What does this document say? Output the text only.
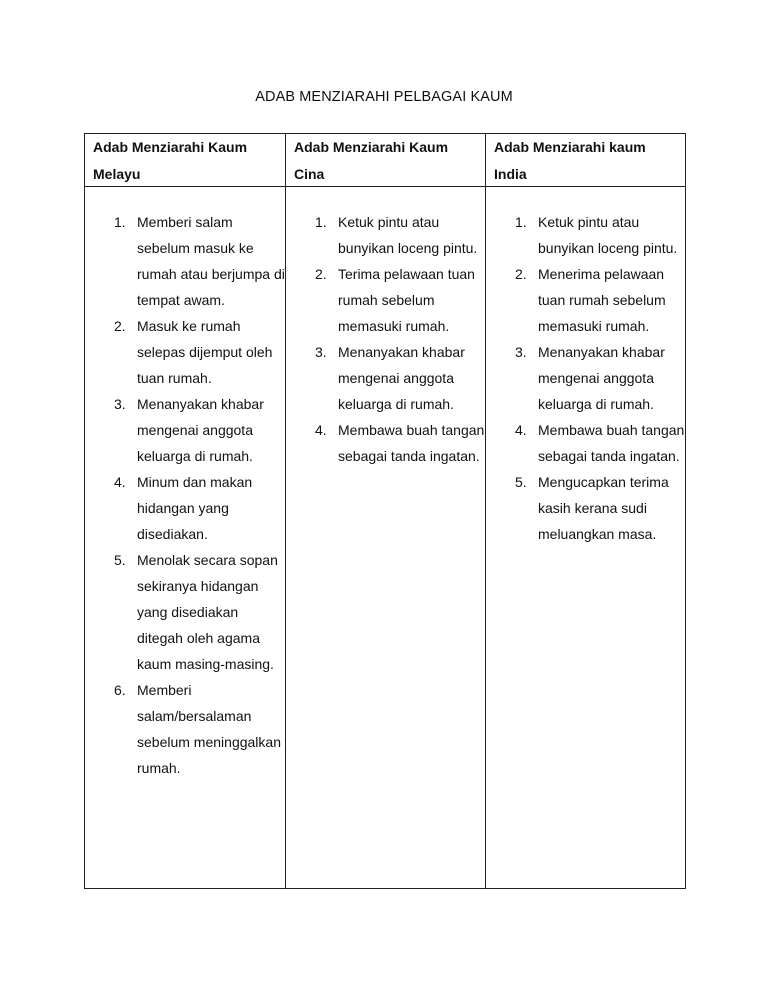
ADAB MENZIARAHI PELBAGAI KAUM
Adab Menziarahi Kaum Melayu
Adab Menziarahi Kaum Cina
Adab Menziarahi kaum India
1. Memberi salam sebelum masuk ke rumah atau berjumpa di tempat awam.
2. Masuk ke rumah selepas dijemput oleh tuan rumah.
3. Menanyakan khabar mengenai anggota keluarga di rumah.
4. Minum dan makan hidangan yang disediakan.
5. Menolak secara sopan sekiranya hidangan yang disediakan ditegah oleh agama kaum masing-masing.
6. Memberi salam/bersalaman sebelum meninggalkan rumah.
1. Ketuk pintu atau bunyikan loceng pintu.
2. Terima pelawaan tuan rumah sebelum memasuki rumah.
3. Menanyakan khabar mengenai anggota keluarga di rumah.
4. Membawa buah tangan sebagai tanda ingatan.
1. Ketuk pintu atau bunyikan loceng pintu.
2. Menerima pelawaan tuan rumah sebelum memasuki rumah.
3. Menanyakan khabar mengenai anggota keluarga di rumah.
4. Membawa buah tangan sebagai tanda ingatan.
5. Mengucapkan terima kasih kerana sudi meluangkan masa.
